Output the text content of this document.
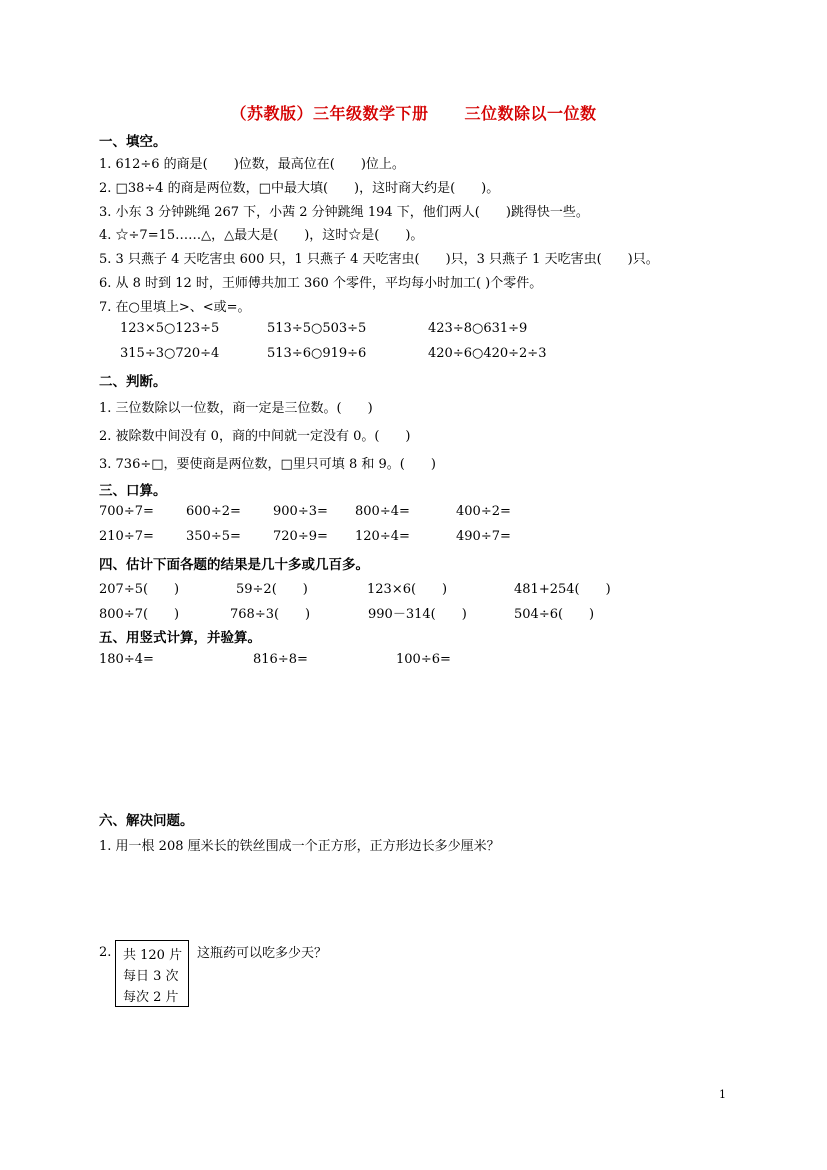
（苏教版）三年级数学下册 三位数除以一位数
一、填空。
1. 612÷6 的商是(　　)位数，最高位在(　　)位上。
2. □38÷4 的商是两位数，□中最大填(　　)，这时商大约是(　　)。
3. 小东 3 分钟跳绳 267 下，小茜 2 分钟跳绳 194 下，他们两人(　　)跳得快一些。
4. ☆÷7=15……△，△最大是(　　)，这时☆是(　　)。
5. 3 只燕子 4 天吃害虫 600 只，1 只燕子 4 天吃害虫(　　)只，3 只燕子 1 天吃害虫(　　)只。
6. 从 8 时到 12 时，王师傅共加工 360 个零件，平均每小时加工( )个零件。
7. 在○里填上>、<或=。
123×5○123÷5	513÷5○503÷5	423÷8○631÷9
315÷3○720÷4	513÷6○919÷6	420÷6○420÷2÷3
二、判断。
1. 三位数除以一位数，商一定是三位数。(　　)
2. 被除数中间没有 0，商的中间就一定没有 0。(　　)
3. 736÷□，要使商是两位数，□里只可填 8 和 9。(　　)
三、口算。
700÷7= 600÷2= 900÷3= 800÷4=	400÷2=
210÷7= 350÷5= 720÷9= 120÷4=	490÷7=
四、估计下面各题的结果是几十多或几百多。
207÷5(　　)	59÷2(　　)	123×6(　　)	481+254(　　)
800÷7(　　)	768÷3(　　)	990－314(　　)	504÷6(　　)
五、用竖式计算，并验算。
180÷4=	816÷8=	100÷6=
六、解决问题。
1. 用一根 208 厘米长的铁丝围成一个正方形，正方形边长多少厘米？
2. 共 120 片
每日 3 次
每次 2 片
这瓶药可以吃多少天？
1
